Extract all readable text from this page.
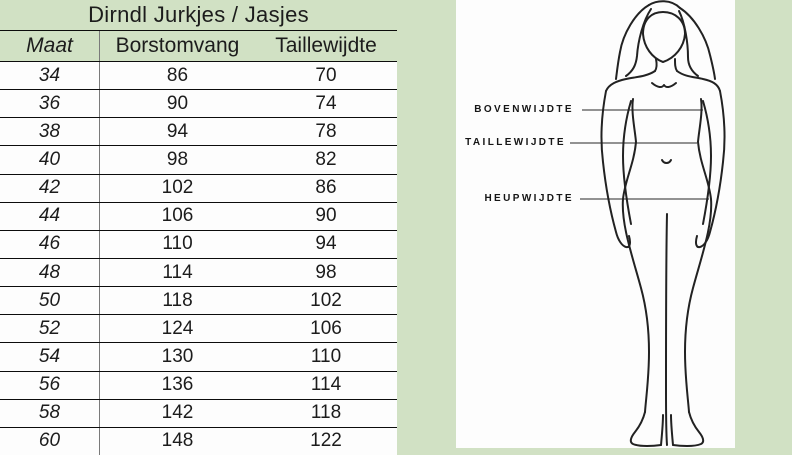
Dirndl Jurkjes / Jasjes
Maat	Borstomvang	Taillewijdte
34	86	70
36	90	74
38	94	78
40	98	82
42	102	86
44	106	90
46	110	94
48	114	98
50	118	102
52	124	106
54	130	110
56	136	114
58	142	118
60	148	122
BOVENWIJDTE
TAILLEWIJDTE
HEUPWIJDTE
